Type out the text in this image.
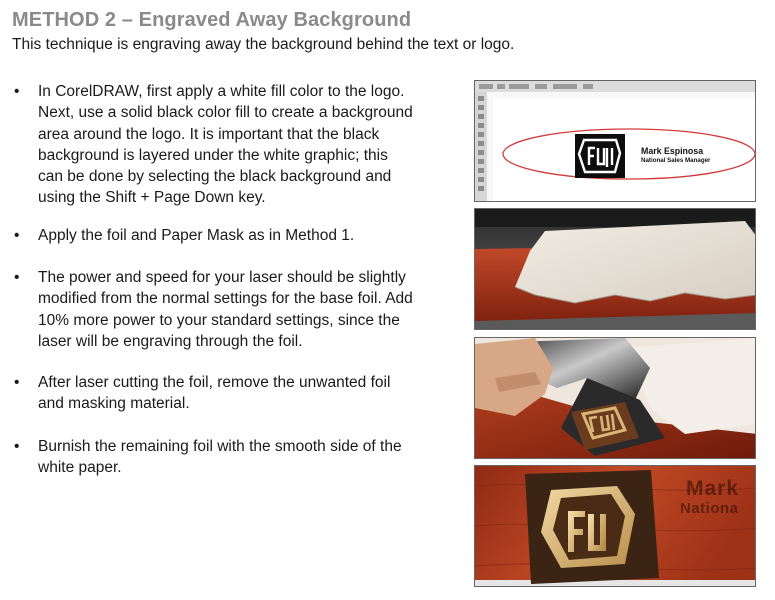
METHOD 2 – Engraved Away Background

This technique is engraving away the background behind the text or logo.

• In CorelDRAW, first apply a white fill color to the logo.
Next, use a solid black color fill to create a background
area around the logo. It is important that the black
background is layered under the white graphic; this
can be done by selecting the black background and
using the Shift + Page Down key.
• Apply the foil and Paper Mask as in Method 1.
• The power and speed for your laser should be slightly
modified from the normal settings for the base foil. Add
10% more power to your standard settings, since the
laser will be engraving through the foil.
• After laser cutting the foil, remove the unwanted foil
and masking material.
• Burnish the remaining foil with the smooth side of the
white paper.
Mark Espinosa
National Sales Manager
Mark
Nationa
